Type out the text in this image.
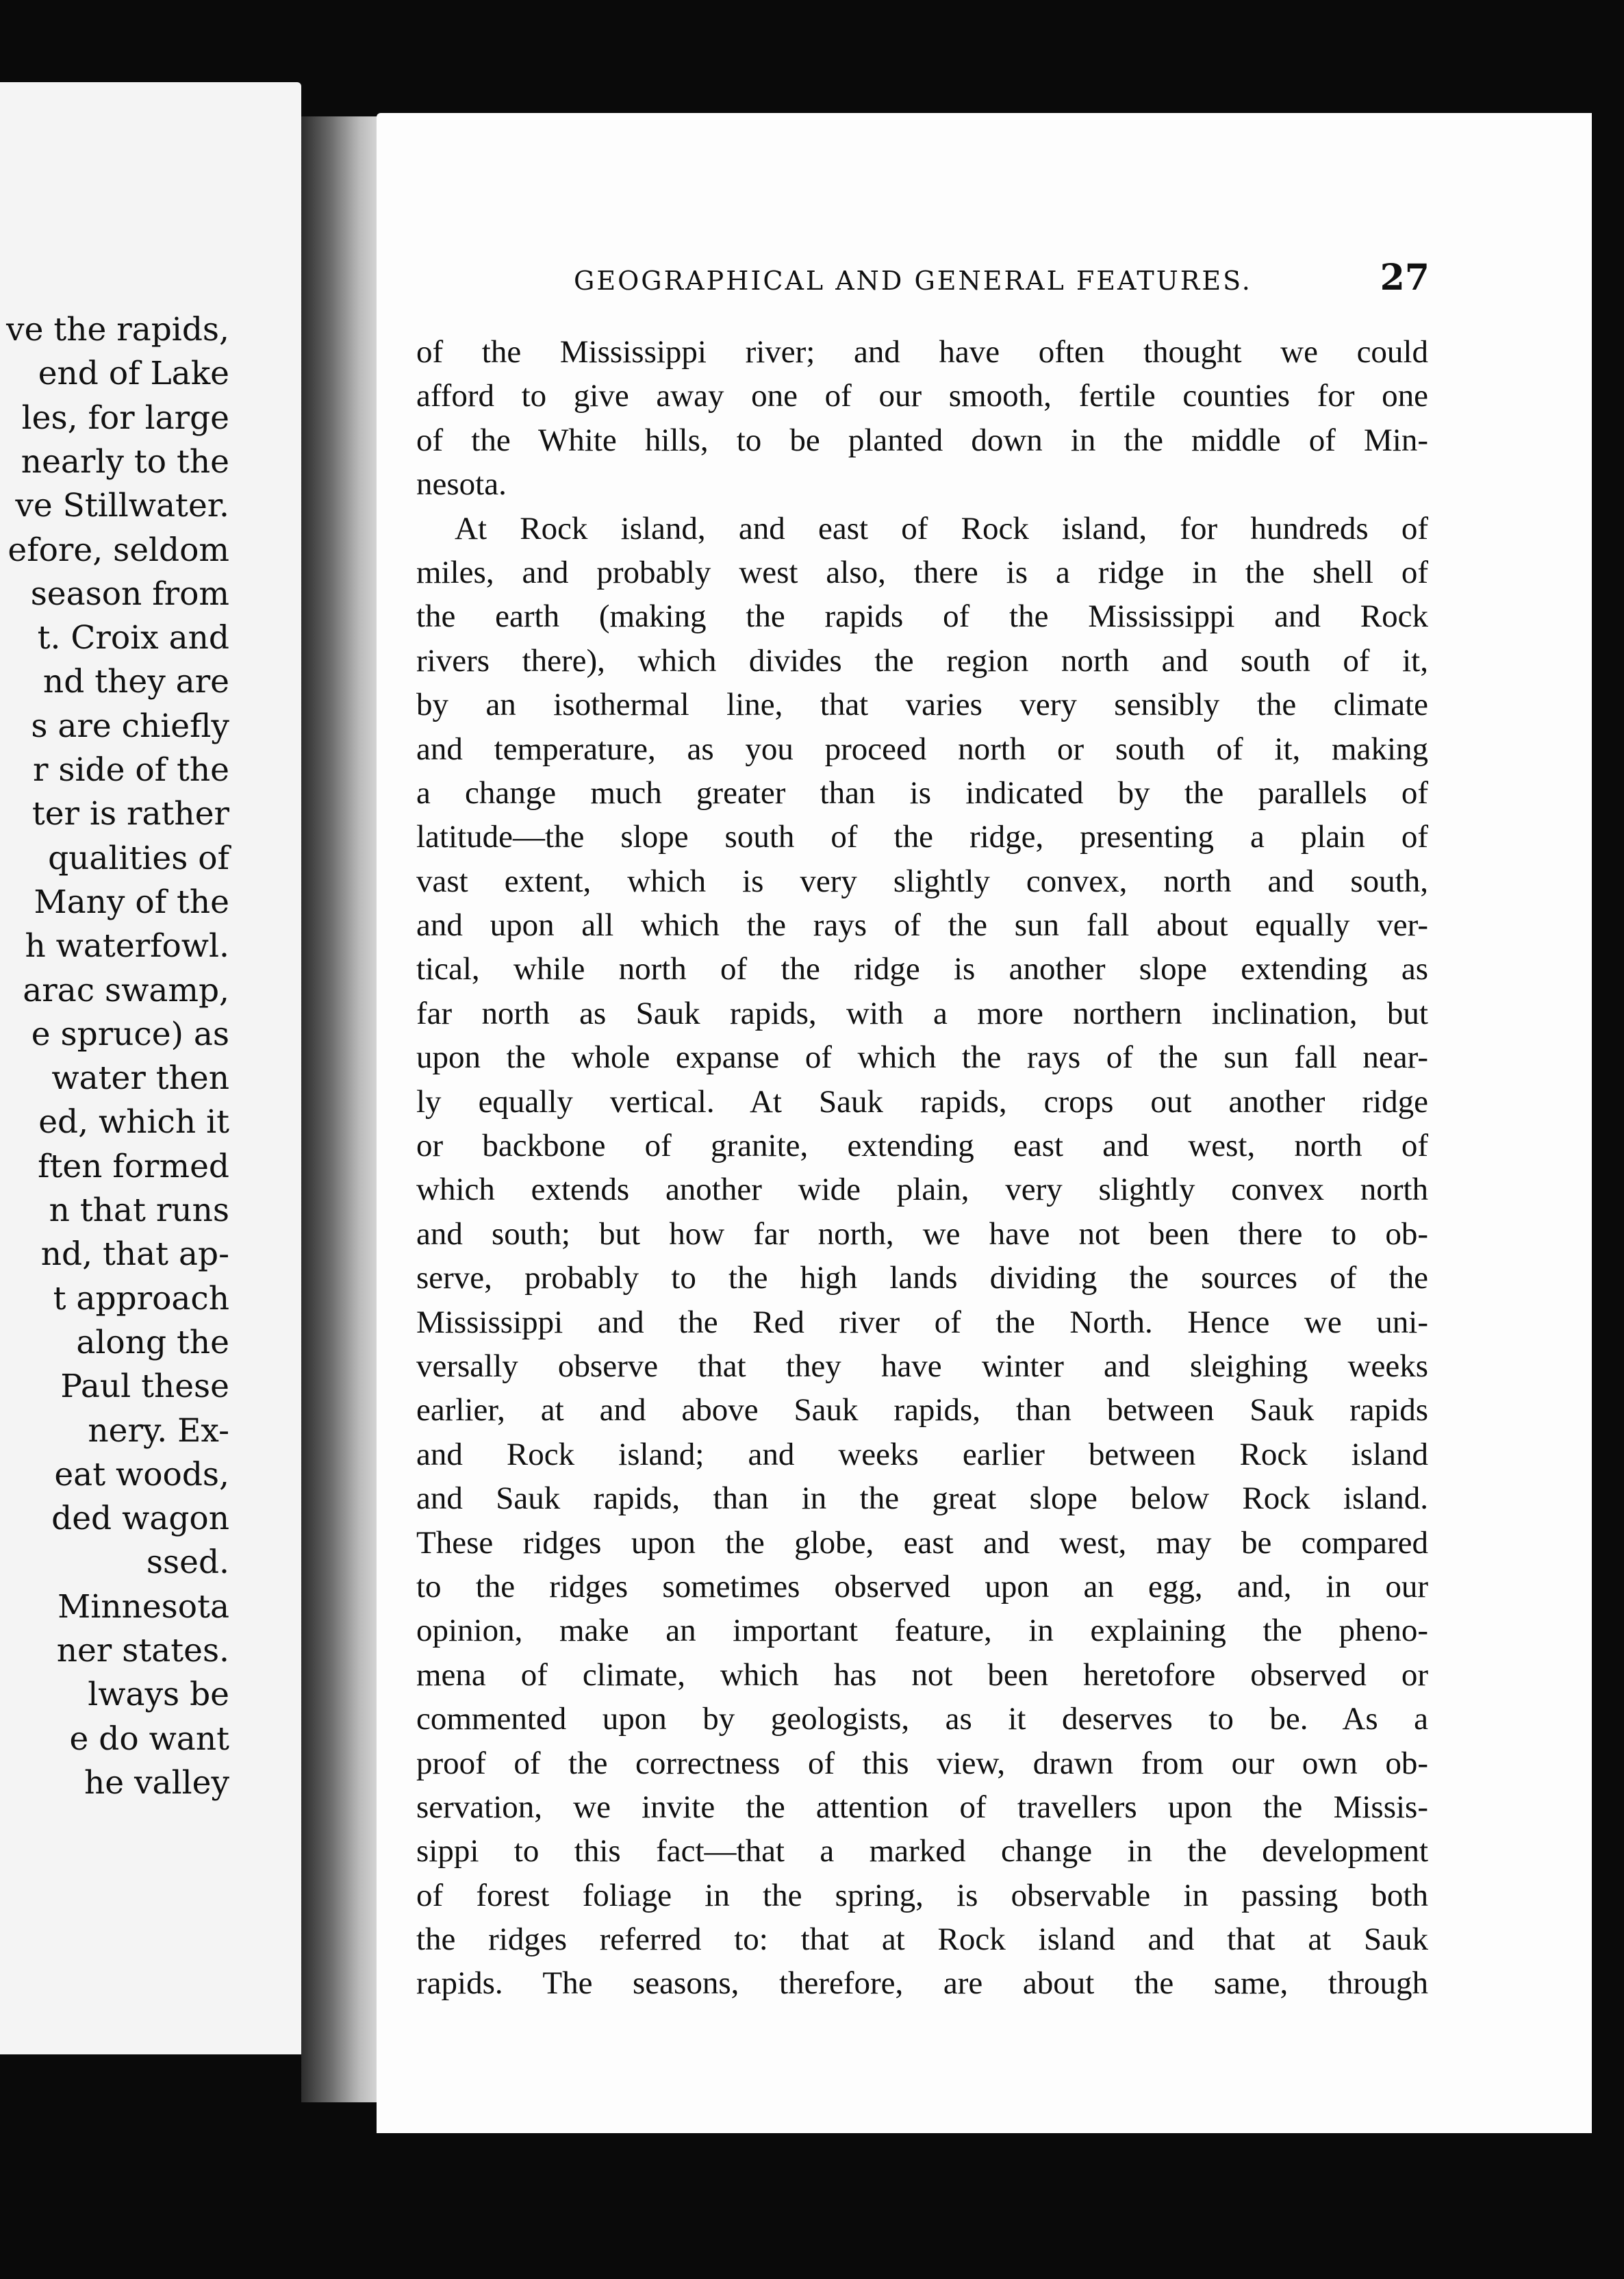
ve the rapids,
end of Lake
les, for large
nearly to the
ve Stillwater.
efore, seldom
season from
t. Croix and
nd they are
s are chiefly
r side of the
ter is rather
qualities of
Many of the
h waterfowl.
arac swamp,
e spruce) as
water then
ed, which it
ften formed
n that runs
nd, that ap-
t approach
along the
Paul these
nery. Ex-
eat woods,
ded wagon
ssed.
Minnesota
ner states.
lways be
e do want
he valley
GEOGRAPHICAL AND GENERAL FEATURES.	27
of the Mississippi river; and have often thought we could
afford to give away one of our smooth, fertile counties for one
of the White hills, to be planted down in the middle of Min-
nesota.
At Rock island, and east of Rock island, for hundreds of
miles, and probably west also, there is a ridge in the shell of
the earth (making the rapids of the Mississippi and Rock
rivers there), which divides the region north and south of it,
by an isothermal line, that varies very sensibly the climate
and temperature, as you proceed north or south of it, making
a change much greater than is indicated by the parallels of
latitude—the slope south of the ridge, presenting a plain of
vast extent, which is very slightly convex, north and south,
and upon all which the rays of the sun fall about equally ver-
tical, while north of the ridge is another slope extending as
far north as Sauk rapids, with a more northern inclination, but
upon the whole expanse of which the rays of the sun fall near-
ly equally vertical. At Sauk rapids, crops out another ridge
or backbone of granite, extending east and west, north of
which extends another wide plain, very slightly convex north
and south; but how far north, we have not been there to ob-
serve, probably to the high lands dividing the sources of the
Mississippi and the Red river of the North. Hence we uni-
versally observe that they have winter and sleighing weeks
earlier, at and above Sauk rapids, than between Sauk rapids
and Rock island; and weeks earlier between Rock island
and Sauk rapids, than in the great slope below Rock island.
These ridges upon the globe, east and west, may be compared
to the ridges sometimes observed upon an egg, and, in our
opinion, make an important feature, in explaining the pheno-
mena of climate, which has not been heretofore observed or
commented upon by geologists, as it deserves to be. As a
proof of the correctness of this view, drawn from our own ob-
servation, we invite the attention of travellers upon the Missis-
sippi to this fact—that a marked change in the development
of forest foliage in the spring, is observable in passing both
the ridges referred to: that at Rock island and that at Sauk
rapids. The seasons, therefore, are about the same, through
